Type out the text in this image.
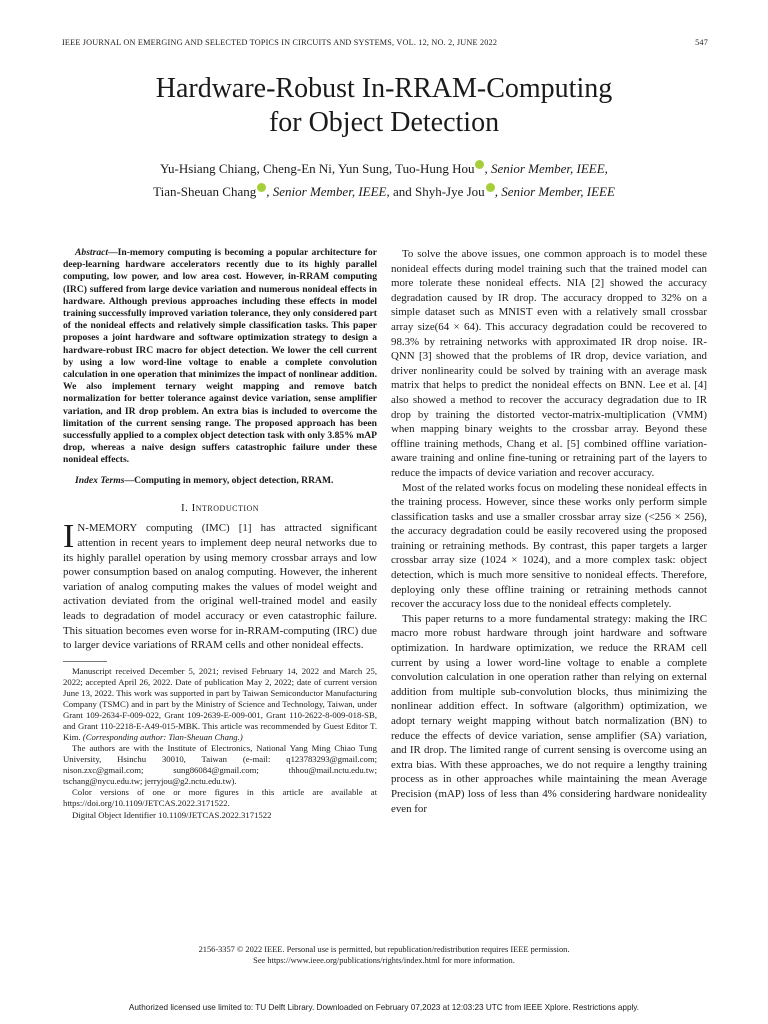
IEEE JOURNAL ON EMERGING AND SELECTED TOPICS IN CIRCUITS AND SYSTEMS, VOL. 12, NO. 2, JUNE 2022	547
Hardware-Robust In-RRAM-Computing
for Object Detection
Yu-Hsiang Chiang, Cheng-En Ni, Yun Sung, Tuo-Hung Hou , Senior Member, IEEE,
Tian-Sheuan Chang , Senior Member, IEEE, and Shyh-Jye Jou , Senior Member, IEEE

Abstract—In-memory computing is becoming a popular architecture for deep-learning hardware accelerators recently due to its highly parallel computing, low power, and low area cost. However, in-RRAM computing (IRC) suffered from large device variation and numerous nonideal effects in hardware. Although previous approaches including these effects in model training successfully improved variation tolerance, they only considered part of the nonideal effects and relatively simple classification tasks. This paper proposes a joint hardware and software optimization strategy to design a hardware-robust IRC macro for object detection. We lower the cell current by using a low word-line voltage to enable a complete convolution calculation in one operation that minimizes the impact of nonlinear addition. We also implement ternary weight mapping and remove batch normalization for better tolerance against device variation, sense amplifier variation, and IR drop problem. An extra bias is included to overcome the limitation of the current sensing range. The proposed approach has been successfully applied to a complex object detection task with only 3.85% mAP drop, whereas a naive design suffers catastrophic failure under these nonideal effects.

Index Terms—Computing in memory, object detection, RRAM.

I. Introduction

I N-MEMORY computing (IMC) [1] has attracted significant attention in recent years to implement deep neural networks due to its highly parallel operation by using memory crossbar arrays and low power consumption based on analog computing. However, the inherent variation of analog computing makes the values of model weight and activation deviated from the original well-trained model and easily leads to degradation of model accuracy or even catastrophic failure. This situation becomes even worse for in-RRAM-computing (IRC) due to larger device variations of RRAM cells and other nonideal effects.

Manuscript received December 5, 2021; revised February 14, 2022 and March 25, 2022; accepted April 26, 2022. Date of publication May 2, 2022; date of current version June 13, 2022. This work was supported in part by Taiwan Semiconductor Manufacturing Company (TSMC) and in part by the Ministry of Science and Technology, Taiwan, under Grant 109-2634-F-009-022, Grant 109-2639-E-009-001, Grant 110-2622-8-009-018-SB, and Grant 110-2218-E-A49-015-MBK. This article was recommended by Guest Editor T. Kim. (Corresponding author: Tian-Sheuan Chang.)

The authors are with the Institute of Electronics, National Yang Ming Chiao Tung University, Hsinchu 30010, Taiwan (e-mail: q123783293@gmail.com; nison.zxc@gmail.com; sung86084@gmail.com; thhou@mail.nctu.edu.tw; tschang@nycu.edu.tw; jerryjou@g2.nctu.edu.tw).

Color versions of one or more figures in this article are available at https://doi.org/10.1109/JETCAS.2022.3171522.

Digital Object Identifier 10.1109/JETCAS.2022.3171522

To solve the above issues, one common approach is to model these nonideal effects during model training such that the trained model can more tolerate these nonideal effects. NIA [2] showed the accuracy degradation caused by IR drop. The accuracy dropped to 32% on a simple dataset such as MNIST even with a relatively small crossbar array size(64 × 64). This accuracy degradation could be recovered to 98.3% by retraining networks with approximated IR drop noise. IR-QNN [3] showed that the problems of IR drop, device variation, and driver nonlinearity could be solved by training with an average mask matrix that helps to predict the nonideal effects on BNN. Lee et al. [4] also showed a method to recover the accuracy degradation due to IR drop by training the distorted vector-matrix-multiplication (VMM) when mapping binary weights to the crossbar array. Beyond these offline training methods, Chang et al. [5] combined offline variation-aware training and online fine-tuning or retraining part of the layers to reduce the impacts of device variation and recover accuracy.

Most of the related works focus on modeling these nonideal effects in the training process. However, since these works only perform simple classification tasks and use a smaller crossbar array size (<256 × 256), the accuracy degradation could be easily recovered using the proposed training or retraining methods. By contrast, this paper targets a larger crossbar array size (1024 × 1024), and a more complex task: object detection, which is much more sensitive to nonideal effects. Therefore, deploying only these offline training or retraining methods cannot recover the accuracy loss due to the nonideal effects completely.

This paper returns to a more fundamental strategy: making the IRC macro more robust hardware through joint hardware and software optimization. In hardware optimization, we reduce the RRAM cell current by using a lower word-line voltage to enable a complete convolution calculation in one operation rather than relying on external addition from multiple sub-convolution blocks, thus minimizing the nonlinear addition effect. In software (algorithm) optimization, we adopt ternary weight mapping without batch normalization (BN) to reduce the effects of device variation, sense amplifier (SA) variation, and IR drop. The limited range of current sensing is overcome using an extra bias. With these approaches, we do not require a lengthy training process as in other approaches while maintaining the mean Average Precision (mAP) loss of less than 4% considering hardware nonideality even for

2156-3357 © 2022 IEEE. Personal use is permitted, but republication/redistribution requires IEEE permission.
See https://www.ieee.org/publications/rights/index.html for more information.
Authorized licensed use limited to: TU Delft Library. Downloaded on February 07,2023 at 12:03:23 UTC from IEEE Xplore. Restrictions apply.
